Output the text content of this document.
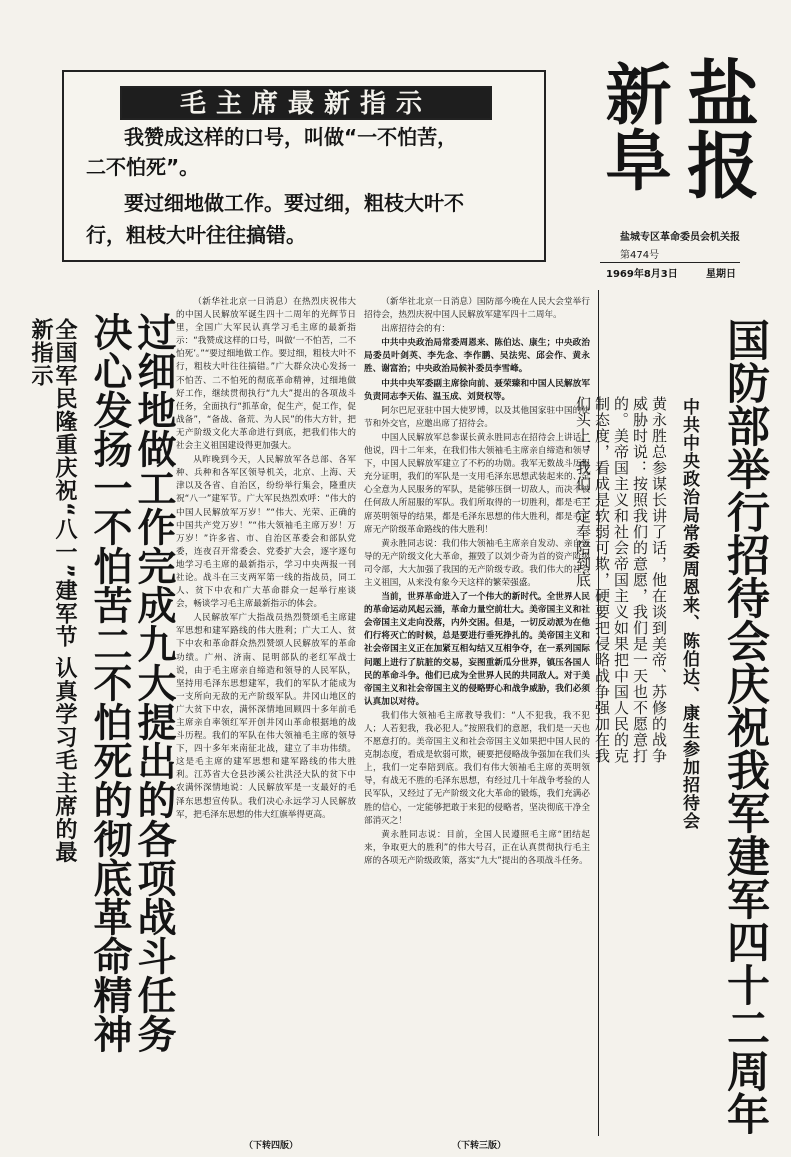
毛主席最新指示
我赞成这样的口号，叫做“一不怕苦，
二不怕死”。
要过细地做工作。要过细，粗枝大叶不
行，粗枝大叶往往搞错。
新阜
盐报
盐城专区革命委员会机关报
第474号
1969年8月3日	星期日
全国军民隆重庆祝“八一”建军节 认真学习毛主席的最新指示	过细地做工作完成九大提出的各项战斗任务
决心发扬一不怕苦二不怕死的彻底革命精神

（新华社北京一日消息）在热烈庆祝伟大的中国人民解放军诞生四十二周年的光辉节日里，全国广大军民认真学习毛主席的最新指示：“我赞成这样的口号，叫做‘一不怕苦，二不怕死’。”“要过细地做工作。要过细，粗枝大叶不行，粗枝大叶往往搞错。”广大群众决心发扬一不怕苦、二不怕死的彻底革命精神，过细地做好工作，继续贯彻执行“九大”提出的各项战斗任务，全面执行“抓革命，促生产，促工作，促战备”，“备战、备荒、为人民”的伟大方针，把无产阶级文化大革命进行到底，把我们伟大的社会主义祖国建设得更加强大。

从昨晚到今天，人民解放军各总部、各军种、兵种和各军区领导机关，北京、上海、天津以及各省、自治区，纷纷举行集会，隆重庆祝“八一”建军节。广大军民热烈欢呼：“伟大的中国人民解放军万岁！”“伟大、光荣、正确的中国共产党万岁！”“伟大领袖毛主席万岁！万万岁！”许多省、市、自治区革委会和部队党委，连夜召开常委会、党委扩大会，逐字逐句地学习毛主席的最新指示，学习中央两报一刊社论。战斗在三支两军第一线的指战员，同工人、贫下中农和广大革命群众一起举行座谈会，畅谈学习毛主席最新指示的体会。

人民解放军广大指战员热烈赞颂毛主席建军思想和建军路线的伟大胜利；广大工人、贫下中农和革命群众热烈赞颂人民解放军的革命功绩。广州、济南、昆明部队的老红军战士说，由于毛主席亲自缔造和领导的人民军队，坚持用毛泽东思想建军，我们的军队才能成为一支所向无敌的无产阶级军队。井冈山地区的广大贫下中农，满怀深情地回顾四十多年前毛主席亲自率领红军开创井冈山革命根据地的战斗历程。我们的军队在伟大领袖毛主席的领导下，四十多年来南征北战，建立了丰功伟绩。这是毛主席的建军思想和建军路线的伟大胜利。江苏省大仓县沙溪公社洪泾大队的贫下中农满怀深情地说：人民解放军是一支最好的毛泽东思想宣传队。我们决心永远学习人民解放军，把毛泽东思想的伟大红旗举得更高。

（下转四版）

（新华社北京一日消息）国防部今晚在人民大会堂举行招待会，热烈庆祝中国人民解放军建军四十二周年。

出席招待会的有：

中共中央政治局常委周恩来、陈伯达、康生；中央政治局委员叶剑英、李先念、李作鹏、吴法宪、邱会作、黄永胜、谢富治；中央政治局候补委员李雪峰。

中共中央军委副主席徐向前、聂荣臻和中国人民解放军负责同志李天佑、温玉成、刘贤权等。

阿尔巴尼亚驻中国大使罗博，以及其他国家驻中国的使节和外交官，应邀出席了招待会。

中国人民解放军总参谋长黄永胜同志在招待会上讲话。他说，四十二年来，在我们伟大领袖毛主席亲自缔造和领导下，中国人民解放军建立了不朽的功勋。我军无数战斗历程充分证明，我们的军队是一支用毛泽东思想武装起来的、全心全意为人民服务的军队，是能够压倒一切敌人，而决不被任何敌人所屈服的军队。我们所取得的一切胜利，都是毛主席英明领导的结果，都是毛泽东思想的伟大胜利，都是毛主席无产阶级革命路线的伟大胜利！

黄永胜同志说：我们伟大领袖毛主席亲自发动、亲自领导的无产阶级文化大革命，摧毁了以刘少奇为首的资产阶级司令部，大大加强了我国的无产阶级专政。我们伟大的社会主义祖国，从来没有象今天这样的繁荣强盛。

当前，世界革命进入了一个伟大的新时代。全世界人民的革命运动风起云涌，革命力量空前壮大。美帝国主义和社会帝国主义走向没落，内外交困。但是，一切反动派为在他们行将灭亡的时候，总是要进行垂死挣扎的。美帝国主义和社会帝国主义正在加紧互相勾结又互相争夺，在一系列国际问题上进行了肮脏的交易，妄图重新瓜分世界，镇压各国人民的革命斗争。他们已成为全世界人民的共同敌人。对于美帝国主义和社会帝国主义的侵略野心和战争威胁，我们必须认真加以对待。

我们伟大领袖毛主席教导我们：“人不犯我，我不犯人；人若犯我，我必犯人。”按照我们的意愿，我们是一天也不愿意打的。美帝国主义和社会帝国主义如果把中国人民的克制态度，看成是软弱可欺，硬要把侵略战争强加在我们头上，我们一定奉陪到底。我们有伟大领袖毛主席的英明领导，有战无不胜的毛泽东思想，有经过几十年战争考验的人民军队，又经过了无产阶级文化大革命的锻炼，我们充满必胜的信心，一定能够把敢于来犯的侵略者，坚决彻底干净全部消灭之！

黄永胜同志说：目前，全国人民遵照毛主席“团结起来，争取更大的胜利”的伟大号召，正在认真贯彻执行毛主席的各项无产阶级政策，落实“九大”提出的各项战斗任务。

（下转三版）
国防部举行招待会庆祝我军建军四十二周年
中共中央政治局常委周恩来、陈伯达、康生参加招待会
黄永胜总参谋长讲了话，他在谈到美帝、苏修的战争威胁时说：按照我们的意愿，我们是一天也不愿意打的。美帝国主义和社会帝国主义如果把中国人民的克制态度，看成是软弱可欺，硬要把侵略战争强加在我们头上，我们一定奉陪到底
